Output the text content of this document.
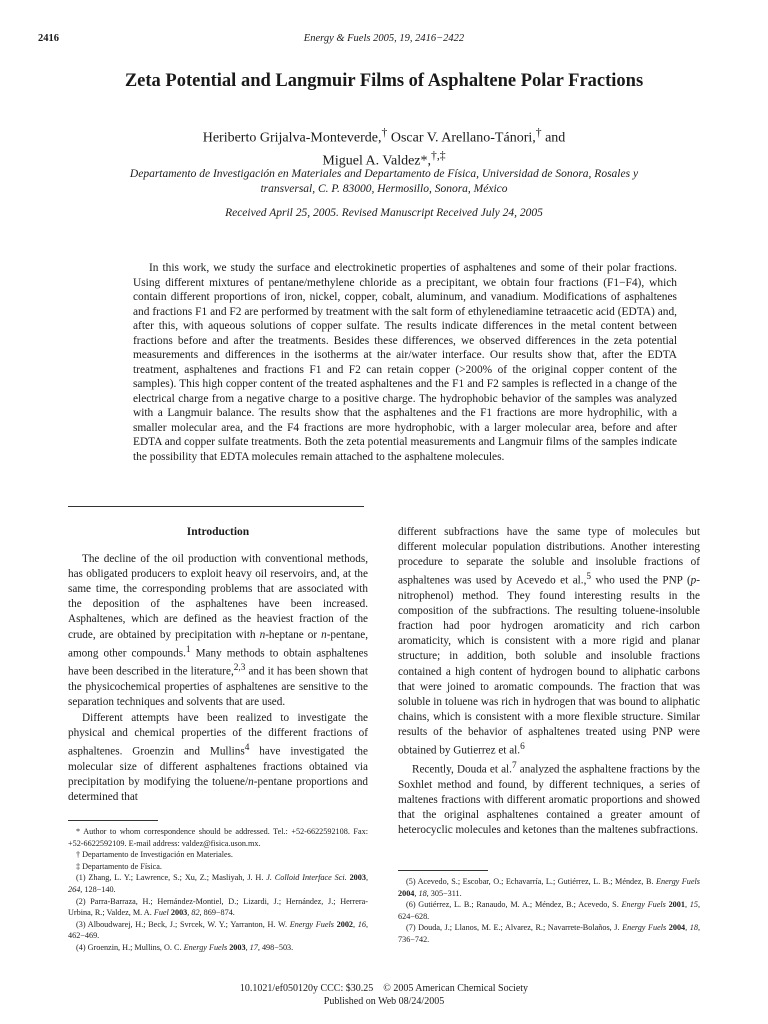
2416	Energy & Fuels 2005, 19, 2416−2422
Zeta Potential and Langmuir Films of Asphaltene Polar Fractions
Heriberto Grijalva-Monteverde,† Oscar V. Arellano-Tánori,† and
Miguel A. Valdez*,†,‡
Departamento de Investigación en Materiales and Departamento de Física, Universidad de Sonora, Rosales y transversal, C. P. 83000, Hermosillo, Sonora, México
Received April 25, 2005. Revised Manuscript Received July 24, 2005
In this work, we study the surface and electrokinetic properties of asphaltenes and some of their polar fractions. Using different mixtures of pentane/methylene chloride as a precipitant, we obtain four fractions (F1−F4), which contain different proportions of iron, nickel, copper, cobalt, aluminum, and vanadium. Modifications of asphaltenes and fractions F1 and F2 are performed by treatment with the salt form of ethylenediamine tetraacetic acid (EDTA) and, after this, with aqueous solutions of copper sulfate. The results indicate differences in the metal content between fractions before and after the treatments. Besides these differences, we observed differences in the zeta potential measurements and differences in the isotherms at the air/water interface. Our results show that, after the EDTA treatment, asphaltenes and fractions F1 and F2 can retain copper (>200% of the original copper content of the samples). This high copper content of the treated asphaltenes and the F1 and F2 samples is reflected in a change of the electrical charge from a negative charge to a positive charge. The hydrophobic behavior of the samples was analyzed with a Langmuir balance. The results show that the asphaltenes and the F1 fractions are more hydrophilic, with a smaller molecular area, and the F4 fractions are more hydrophobic, with a larger molecular area, before and after EDTA and copper sulfate treatments. Both the zeta potential measurements and Langmuir films of the samples indicate the possibility that EDTA molecules remain attached to the asphaltene molecules.
Introduction

The decline of the oil production with conventional methods, has obligated producers to exploit heavy oil reservoirs, and, at the same time, the corresponding problems that are associated with the deposition of the asphaltenes have been increased. Asphaltenes, which are defined as the heaviest fraction of the crude, are obtained by precipitation with n-heptane or n-pentane, among other compounds.$^1$ Many methods to obtain asphaltenes have been described in the literature,$^{2,3}$ and it has been shown that the physicochemical properties of asphaltenes are sensitive to the separation techniques and solvents that are used.

Different attempts have been realized to investigate the physical and chemical properties of the different fractions of asphaltenes. Groenzin and Mullins$^4$ have investigated the molecular size of different asphaltenes fractions obtained via precipitation by modifying the toluene/n-pentane proportions and determined that

different subfractions have the same type of molecules but different molecular population distributions. Another interesting procedure to separate the soluble and insoluble fractions of asphaltenes was used by Acevedo et al.,$^5$ who used the PNP (p-nitrophenol) method. They found interesting results in the composition of the subfractions. The resulting toluene-insoluble fraction had poor hydrogen aromaticity and rich carbon aromaticity, which is consistent with a more rigid and planar structure; in addition, both soluble and insoluble fractions contained a high content of hydrogen bound to aliphatic carbons that were joined to aromatic compounds. The fraction that was soluble in toluene was rich in hydrogen that was bound to aliphatic chains, which is consistent with a more flexible structure. Similar results of the behavior of asphaltenes treated using PNP were obtained by Gutierrez et al.$^6$

Recently, Douda et al.$^7$ analyzed the asphaltene fractions by the Soxhlet method and found, by different techniques, a series of maltenes fractions with different aromatic proportions and showed that the original asphaltenes contained a greater amount of heterocyclic molecules and ketones than the maltenes subfractions.

* Author to whom correspondence should be addressed. Tel.: +52-6622592108. Fax: +52-6622592109. E-mail address: valdez@fisica.uson.mx.

† Departamento de Investigación en Materiales.

‡ Departamento de Física.

(1) Zhang, L. Y.; Lawrence, S.; Xu, Z.; Masliyah, J. H. J. Colloid Interface Sci. 2003, 264, 128−140.

(2) Parra-Barraza, H.; Hernández-Montiel, D.; Lizardi, J.; Hernández, J.; Herrera-Urbina, R.; Valdez, M. A. Fuel 2003, 82, 869−874.

(3) Alboudwarej, H.; Beck, J.; Svrcek, W. Y.; Yarranton, H. W. Energy Fuels 2002, 16, 462−469.

(4) Groenzin, H.; Mullins, O. C. Energy Fuels 2003, 17, 498−503.

(5) Acevedo, S.; Escobar, O.; Echavarría, L.; Gutiérrez, L. B.; Méndez, B. Energy Fuels 2004, 18, 305−311.

(6) Gutiérrez, L. B.; Ranaudo, M. A.; Méndez, B.; Acevedo, S. Energy Fuels 2001, 15, 624−628.

(7) Douda, J.; Llanos, M. E.; Alvarez, R.; Navarrete-Bolaños, J. Energy Fuels 2004, 18, 736−742.

10.1021/ef050120y CCC: $30.25 © 2005 American Chemical Society
Published on Web 08/24/2005
